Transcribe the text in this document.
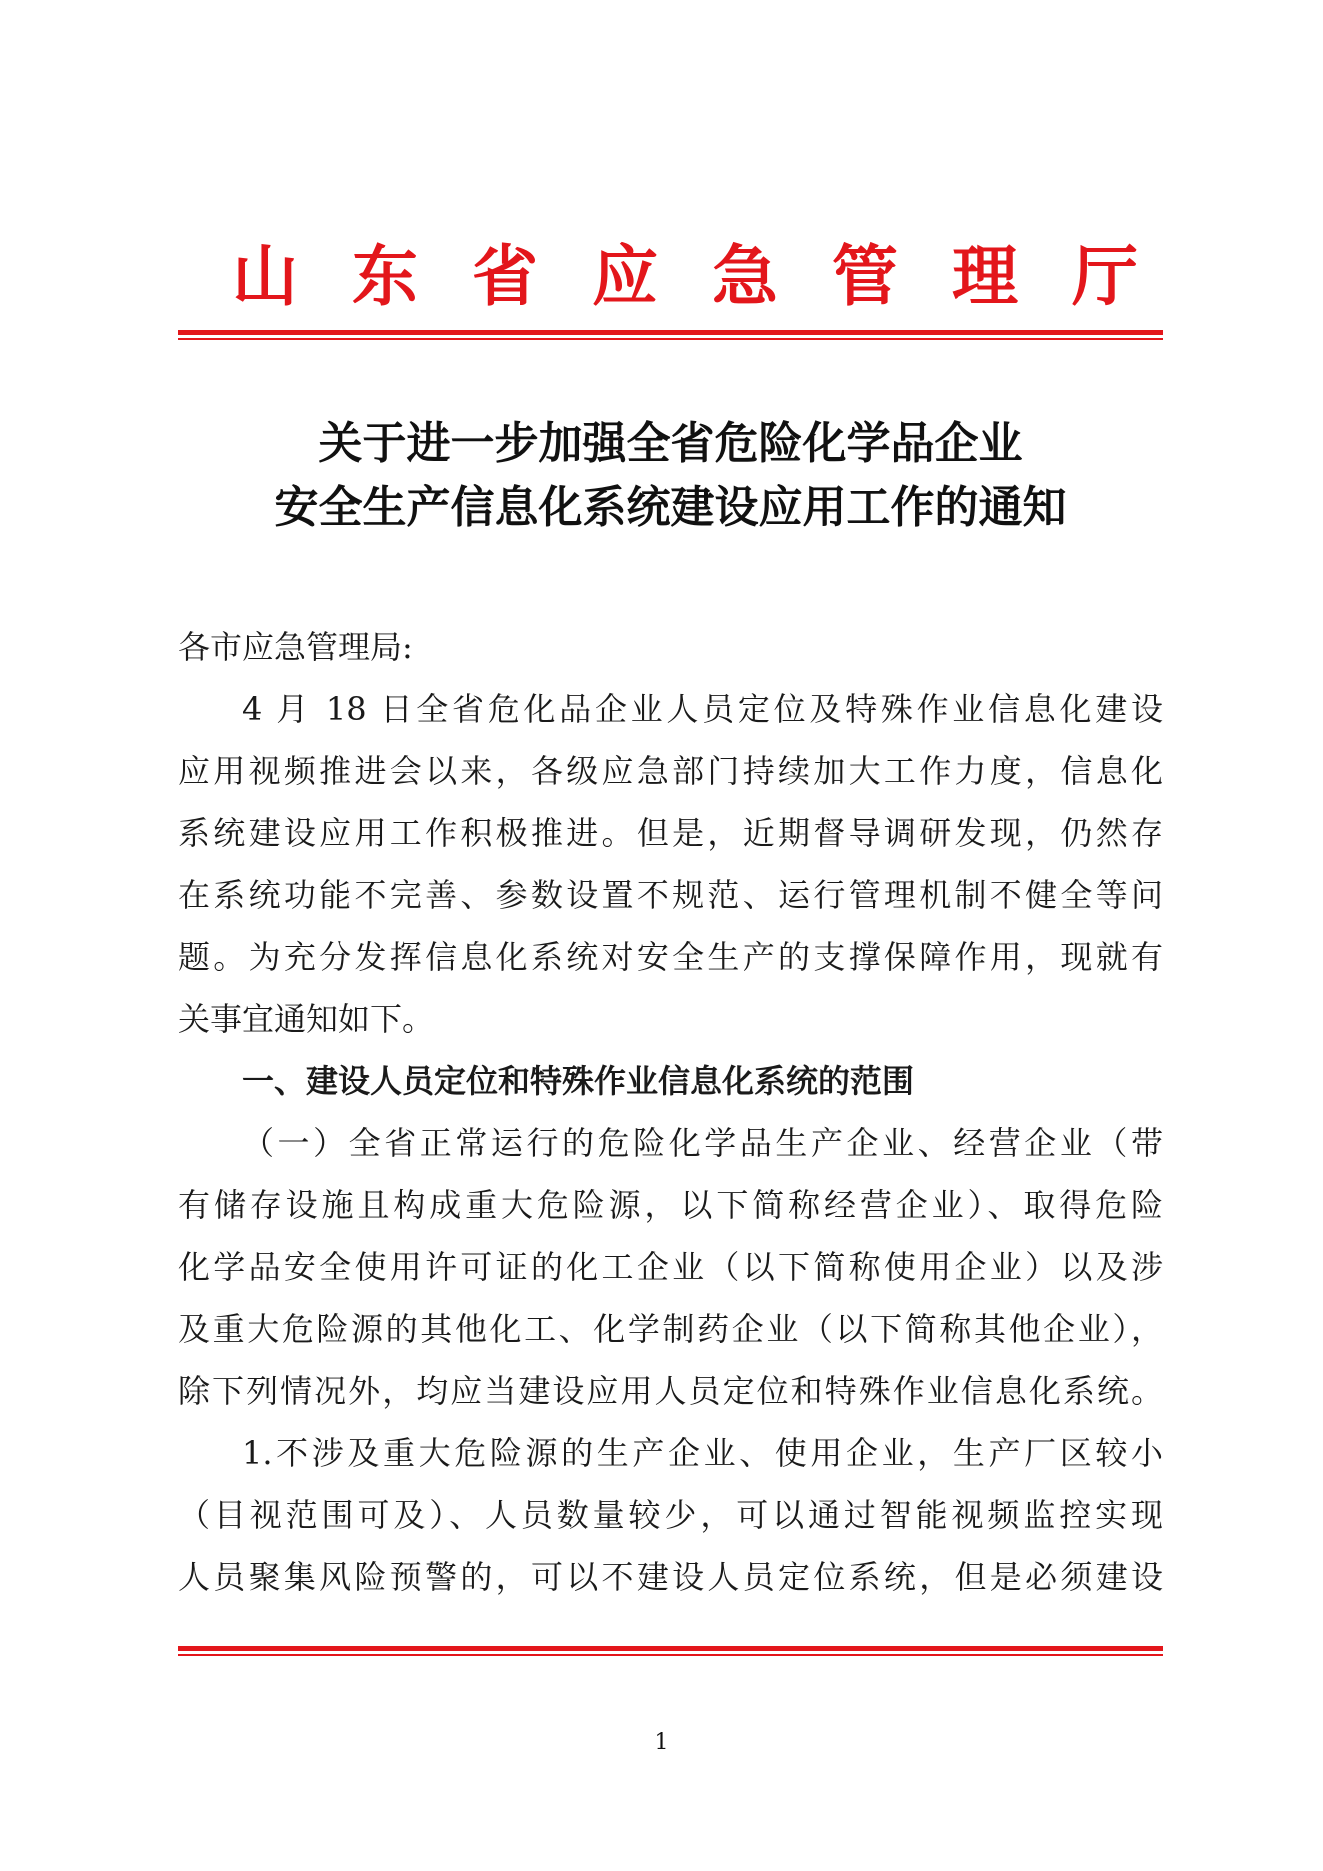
山东省应急管理厅
关于进一步加强全省危险化学品企业
安全生产信息化系统建设应用工作的通知
各市应急管理局:
4 月 18 日全省危化品企业人员定位及特殊作业信息化建设
应用视频推进会以来，各级应急部门持续加大工作力度，信息化
系统建设应用工作积极推进。但是，近期督导调研发现，仍然存
在系统功能不完善、参数设置不规范、运行管理机制不健全等问
题。为充分发挥信息化系统对安全生产的支撑保障作用，现就有
关事宜通知如下。
一、建设人员定位和特殊作业信息化系统的范围
（一）全省正常运行的危险化学品生产企业、经营企业（带
有储存设施且构成重大危险源，以下简称经营企业）、取得危险
化学品安全使用许可证的化工企业（以下简称使用企业）以及涉
及重大危险源的其他化工、化学制药企业（以下简称其他企业），
除下列情况外，均应当建设应用人员定位和特殊作业信息化系统。
1.不涉及重大危险源的生产企业、使用企业，生产厂区较小
（目视范围可及）、人员数量较少，可以通过智能视频监控实现
人员聚集风险预警的，可以不建设人员定位系统，但是必须建设
1
